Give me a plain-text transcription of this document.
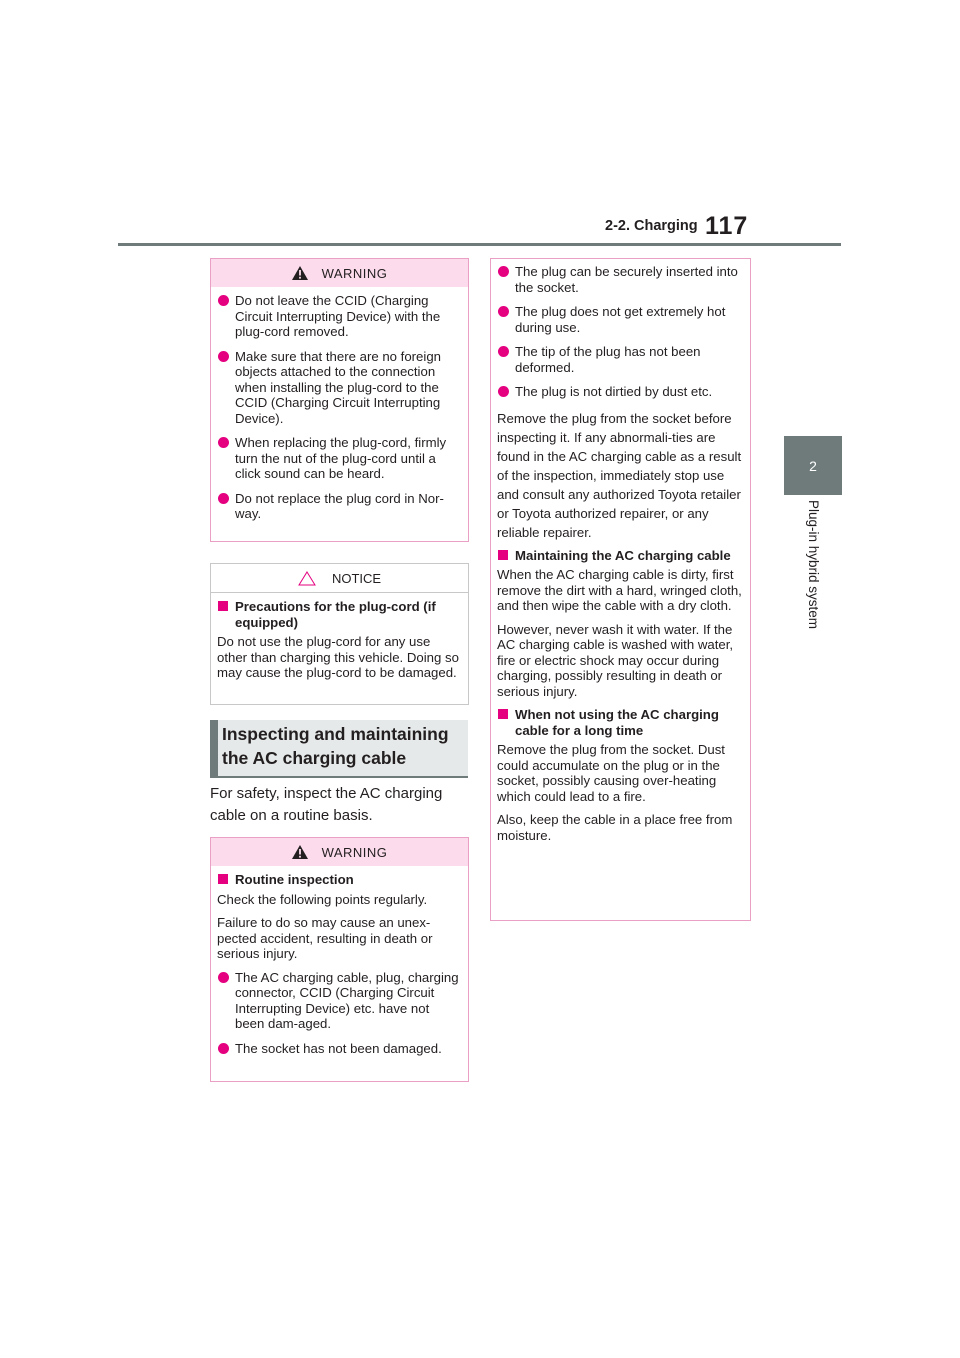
2-2. Charging 117
2
Plug-in hybrid system
WARNING
Do not leave the CCID (Charging Circuit Interrupting Device) with the plug-cord removed.
Make sure that there are no foreign objects attached to the connection when installing the plug-cord to the CCID (Charging Circuit Interrupting Device).
When replacing the plug-cord, firmly turn the nut of the plug-cord until a click sound can be heard.
Do not replace the plug cord in Nor-way.
NOTICE
Precautions for the plug-cord (if equipped)
Do not use the plug-cord for any use other than charging this vehicle. Doing so may cause the plug-cord to be damaged.
Inspecting and maintaining the AC charging cable
For safety, inspect the AC charging cable on a routine basis.
WARNING
Routine inspection
Check the following points regularly.
Failure to do so may cause an unex-pected accident, resulting in death or serious injury.
The AC charging cable, plug, charging connector, CCID (Charging Circuit Interrupting Device) etc. have not been dam-aged.
The socket has not been damaged.
The plug can be securely inserted into the socket.
The plug does not get extremely hot during use.
The tip of the plug has not been deformed.
The plug is not dirtied by dust etc.
Remove the plug from the socket before inspecting it. If any abnormali-ties are found in the AC charging cable as a result of the inspection, immediately stop use and consult any authorized Toyota retailer or Toyota authorized repairer, or any reliable repairer.
Maintaining the AC charging cable
When the AC charging cable is dirty, first remove the dirt with a hard, wringed cloth, and then wipe the cable with a dry cloth.
However, never wash it with water. If the AC charging cable is washed with water, fire or electric shock may occur during charging, possibly resulting in death or serious injury.
When not using the AC charging cable for a long time
Remove the plug from the socket. Dust could accumulate on the plug or in the socket, possibly causing over-heating which could lead to a fire.
Also, keep the cable in a place free from moisture.
